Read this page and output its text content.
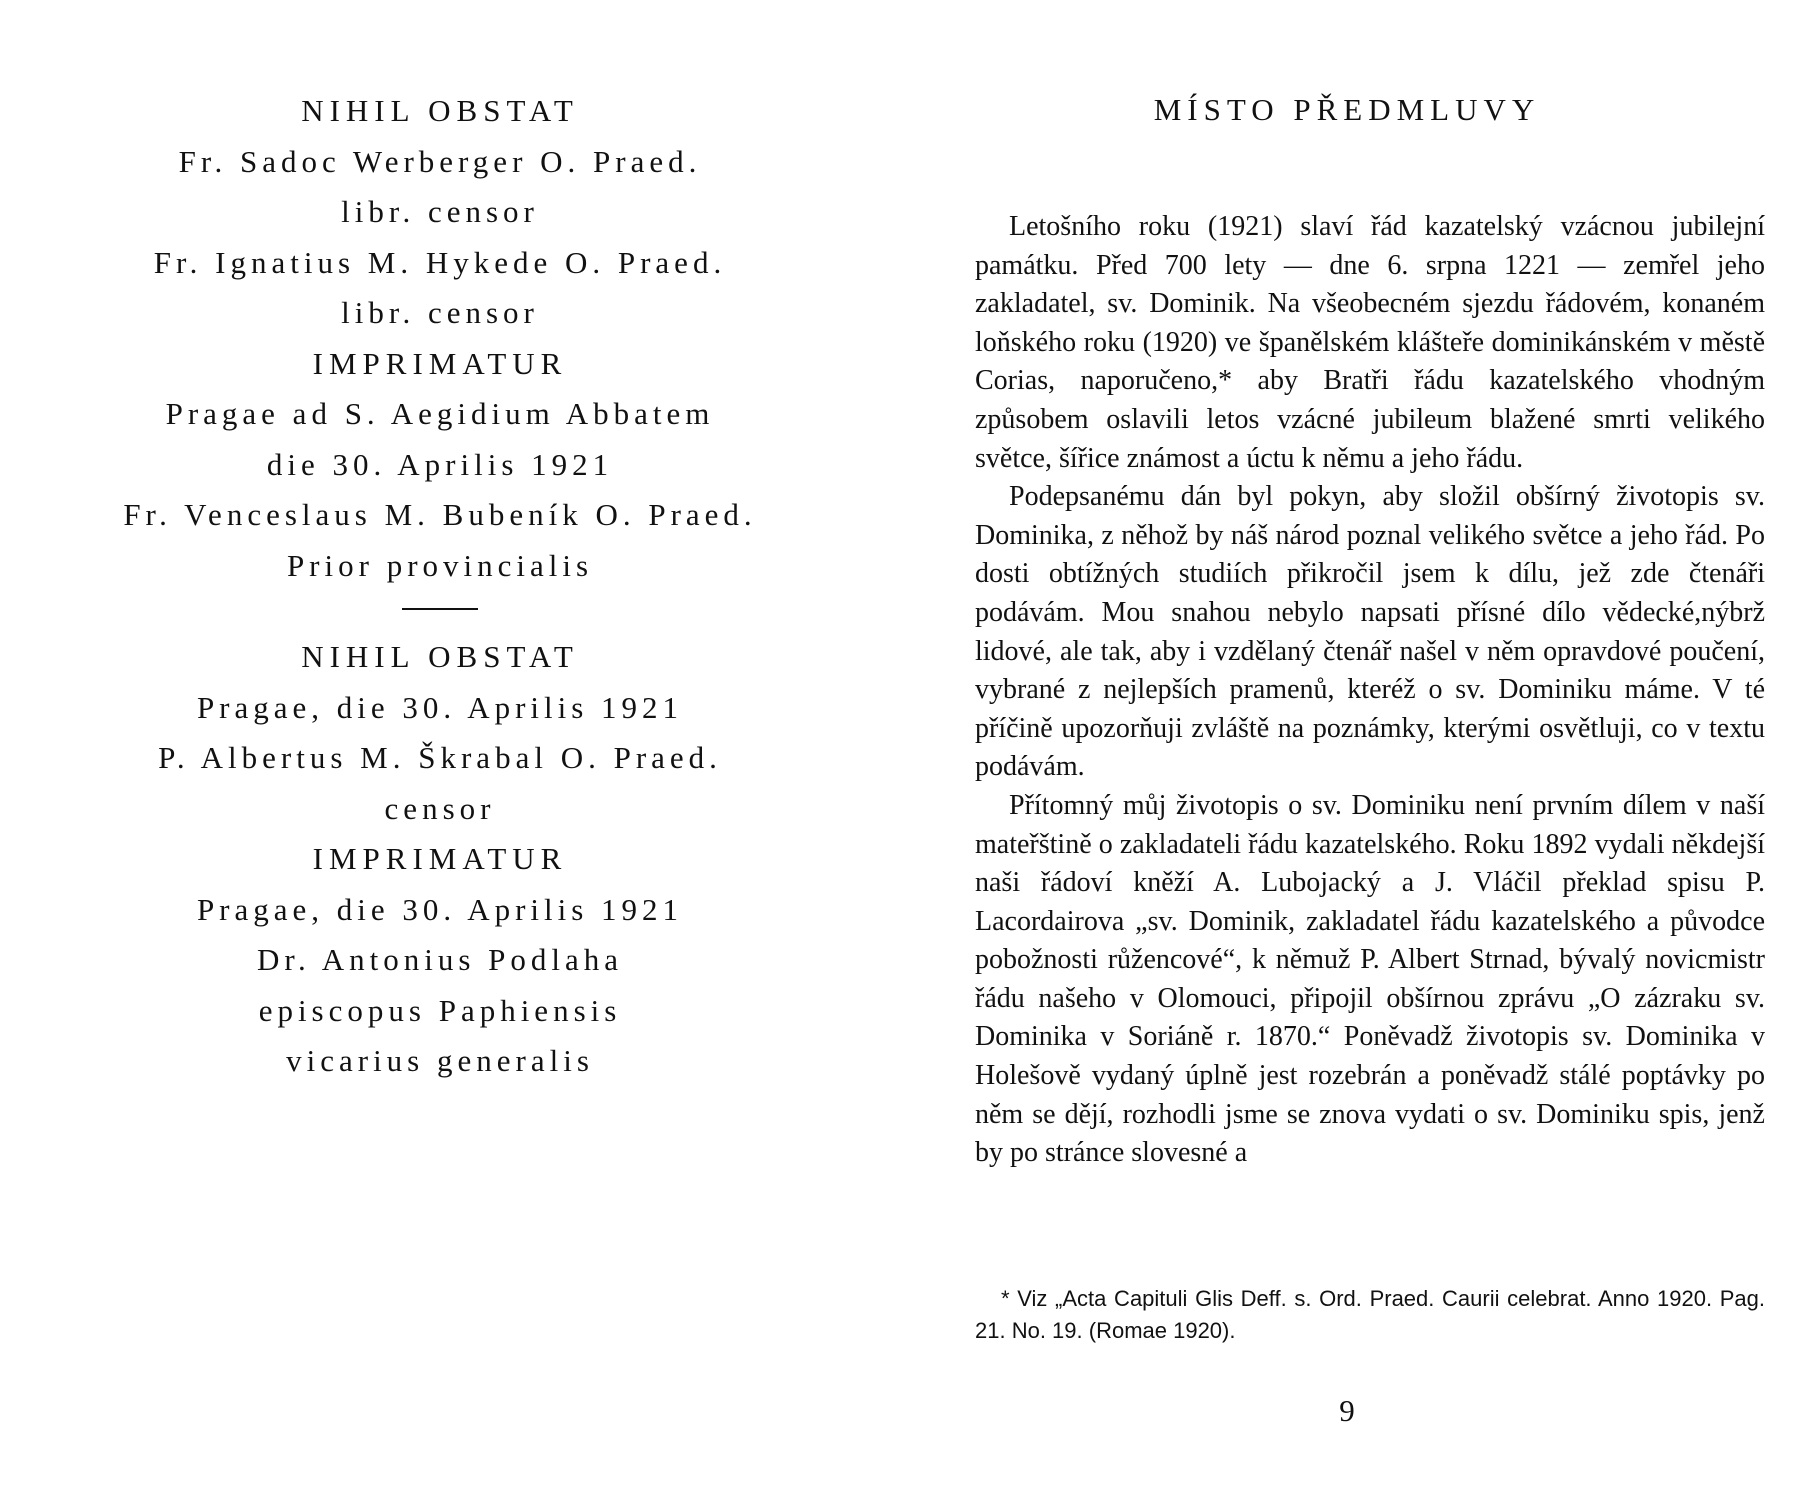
NIHIL OBSTAT
Fr. Sadoc Werberger O. Praed.
libr. censor
Fr. Ignatius M. Hykede O. Praed.
libr. censor
IMPRIMATUR
Pragae ad S. Aegidium Abbatem
die 30. Aprilis 1921
Fr. Venceslaus M. Bubeník O. Praed.
Prior provincialis
NIHIL OBSTAT
Pragae, die 30. Aprilis 1921
P. Albertus M. Škrabal O. Praed.
censor
IMPRIMATUR
Pragae, die 30. Aprilis 1921
Dr. Antonius Podlaha
episcopus Paphiensis
vicarius generalis
MÍSTO PŘEDMLUVY

Letošního roku (1921) slaví řád kazatelský vzácnou jubilejní památku. Před 700 lety — dne 6. srpna 1221 — zemřel jeho zakladatel, sv. Dominik. Na všeobecném sjezdu řádovém, konaném loňského roku (1920) ve španělském klášteře dominikánském v městě Corias, naporučeno,* aby Bratři řádu kazatelského vhodným způsobem oslavili letos vzácné jubileum blažené smrti velikého světce, šířice známost a úctu k němu a jeho řádu.

Podepsanému dán byl pokyn, aby složil obšírný životopis sv. Dominika, z něhož by náš národ poznal velikého světce a jeho řád. Po dosti obtížných studiích přikročil jsem k dílu, jež zde čtenáři podávám. Mou snahou nebylo napsati přísné dílo vědecké,nýbrž lidové, ale tak, aby i vzdělaný čtenář našel v něm opravdové poučení, vybrané z nejlepších pramenů, kteréž o sv. Dominiku máme. V té příčině upozorňuji zvláště na poznámky, kterými osvětluji, co v textu podávám.

Přítomný můj životopis o sv. Dominiku není prvním dílem v naší mateřštině o zakladateli řádu kazatelského. Roku 1892 vydali někdejší naši řádoví kněží A. Lubojacký a J. Vláčil překlad spisu P. Lacordairova „sv. Dominik, zakladatel řádu kazatelského a původce pobožnosti růžencové“, k němuž P. Albert Strnad, bývalý novicmistr řádu našeho v Olomouci, připojil obšírnou zprávu „O zázraku sv. Dominika v Soriáně r. 1870.“ Poněvadž životopis sv. Dominika v Holešově vydaný úplně jest rozebrán a poněvadž stálé poptávky po něm se dějí, rozhodli jsme se znova vydati o sv. Dominiku spis, jenž by po stránce slovesné a

* Viz „Acta Capituli Glis Deff. s. Ord. Praed. Caurii celebrat. Anno 1920. Pag. 21. No. 19. (Romae 1920).

9
